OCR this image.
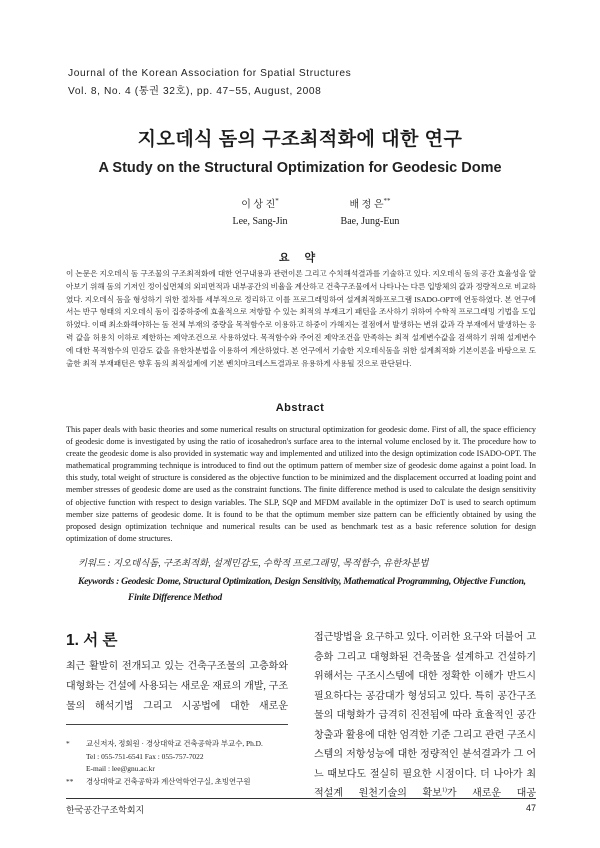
Journal of the Korean Association for Spatial Structures
Vol. 8, No. 4 (통권 32호), pp. 47~55, August, 2008
지오데식 돔의 구조최적화에 대한 연구
A Study on the Structural Optimization for Geodesic Dome
이 상 진*
Lee, Sang-Jin
배 정 은**
Bae, Jung-Eun
요 약
이 논문은 지오데식 돔 구조물의 구조최적화에 대한 연구내용과 관련이론 그리고 수치해석결과를 기술하고 있다. 지오데식 돔의 공간 효율성을 알아보기 위해 돔의 기저인 정이십면체의 외피면적과 내부공간의 비율을 계산하고 건축구조물에서 나타나는 다른 입방체의 값과 정량적으로 비교하였다. 지오데식 돔을 형성하기 위한 절차를 세부적으로 정리하고 이를 프로그래밍하여 설계최적화프로그램 ISADO-OPT에 연동하였다. 본 연구에서는 반구 형태의 지오데식 돔이 집중하중에 효율적으로 저항할 수 있는 최적의 부재크기 패턴을 조사하기 위하여 수학적 프로그래밍 기법을 도입하였다. 이때 최소화해야하는 돔 전체 부재의 중량을 목적함수로 이용하고 하중이 가해지는 절점에서 발생하는 변위 값과 각 부재에서 발생하는 응력 값을 허용치 이하로 제한하는 제약조건으로 사용하였다. 목적함수와 주어진 제약조건을 만족하는 최적 설계변수값을 검색하기 위해 설계변수에 대한 목적함수의 민감도 값을 유한차분법을 이용하여 계산하였다. 본 연구에서 기술한 지오데식돔을 위한 설계최적화 기본이론을 바탕으로 도출한 최적 부재패턴은 향후 돔의 최적설계에 기본 벤치마크테스트결과로 유용하게 사용될 것으로 판단된다.
Abstract
This paper deals with basic theories and some numerical results on structural optimization for geodesic dome. First of all, the space efficiency of geodesic dome is investigated by using the ratio of icosahedron's surface area to the internal volume enclosed by it. The procedure how to create the geodesic dome is also provided in systematic way and implemented and utilized into the design optimization code ISADO-OPT. The mathematical programming technique is introduced to find out the optimum pattern of member size of geodesic dome against a point load. In this study, total weight of structure is considered as the objective function to be minimized and the displacement occurred at loading point and member stresses of geodesic dome are used as the constraint functions. The finite difference method is used to calculate the design sensitivity of objective function with respect to design variables. The SLP, SQP and MFDM available in the optimizer DoT is used to search optimum member size patterns of geodesic dome. It is found to be that the optimum member size pattern can be efficiently obtained by using the proposed design optimization technique and numerical results can be used as benchmark test as a basic reference solution for design optimization of dome structures.
키워드 : 지오데식돔, 구조최적화, 설계민감도, 수학적 프로그래밍, 목적함수, 유한차분법
Keywords : Geodesic Dome, Structural Optimization, Design Sensitivity, Mathematical Programming, Objective Function,
Finite Difference Method
1. 서 론
최근 활발히 전개되고 있는 건축구조물의 고층화와 대형화는 건설에 사용되는 새로운 재료의 개발, 구조물의 해석기법 그리고 시공법에 대한 새로운
접근방법을 요구하고 있다. 이러한 요구와 더불어 고층화 그리고 대형화된 건축물을 설계하고 건설하기 위해서는 구조시스템에 대한 정확한 이해가 반드시 필요하다는 공감대가 형성되고 있다. 특히 공간구조물의 대형화가 급격히 진전됨에 따라 효율적인 공간창출과 활용에 대한 엄격한 기준 그리고 관련 구조시스템의 저항성능에 대한 정량적인 분석결과가 그 어느 때보다도 절실히 필요한 시점이다. 더 나아가 최적설계 원천기술의 확보$^{1)}$가 새로운 대공
*	교신저자, 정회원 · 경상대학교 건축공학과 부교수, Ph.D.
Tel : 055-751-6541 Fax : 055-757-7022
E-mail : lee@gnu.ac.kr
**	경상대학교 건축공학과 계산역학연구실, 초빙연구원
한국공간구조학회지	47
